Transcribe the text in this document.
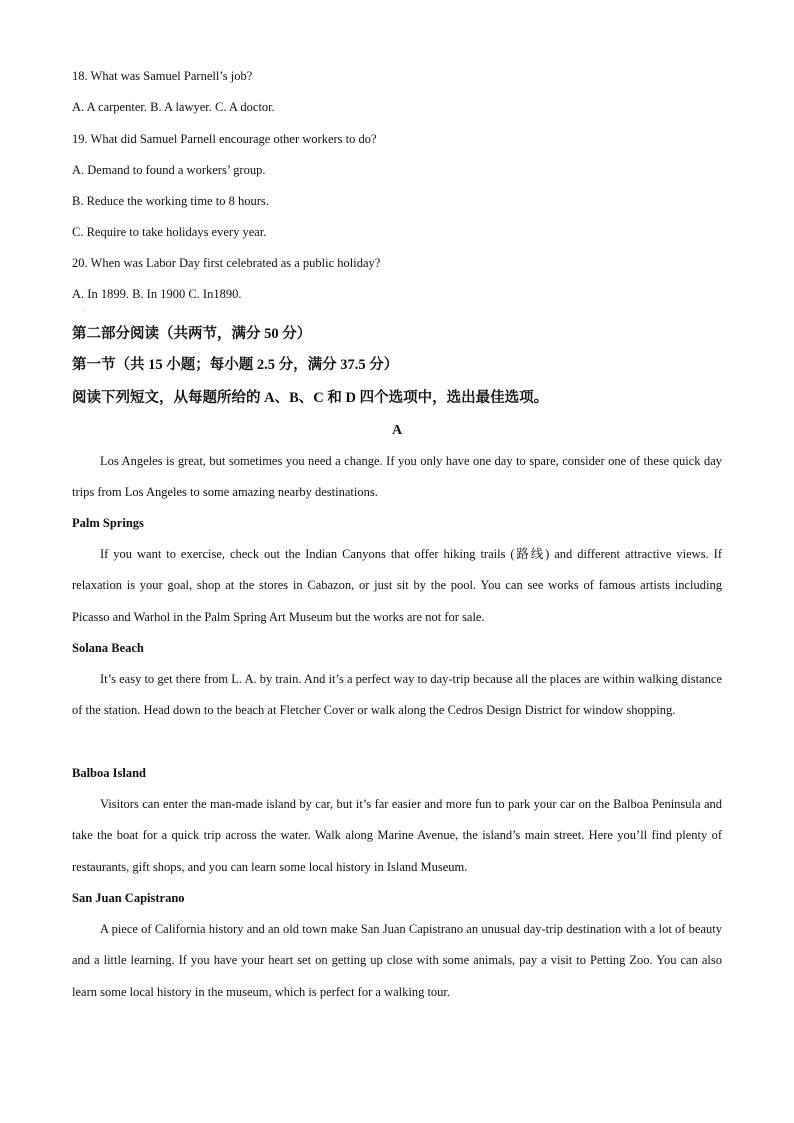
18. What was Samuel Parnell’s job?
A. A carpenter. B. A lawyer. C. A doctor.
19. What did Samuel Parnell encourage other workers to do?
A. Demand to found a workers’ group.
B. Reduce the working time to 8 hours.
C. Require to take holidays every year.
20. When was Labor Day first celebrated as a public holiday?
A. In 1899. B. In 1900 C. In1890.
·
第二部分阅读（共两节，满分 50 分）
第一节（共 15 小题；每小题 2.5 分，满分 37.5 分）
阅读下列短文，从每题所给的 A、B、C 和 D 四个选项中，选出最佳选项。
A

Los Angeles is great, but sometimes you need a change. If you only have one day to spare, consider one of these quick day trips from Los Angeles to some amazing nearby destinations.

Palm Springs

If you want to exercise, check out the Indian Canyons that offer hiking trails (路线) and different attractive views. If relaxation is your goal, shop at the stores in Cabazon, or just sit by the pool. You can see works of famous artists including Picasso and Warhol in the Palm Spring Art Museum but the works are not for sale.

Solana Beach

It’s easy to get there from L. A. by train. And it’s a perfect way to day-trip because all the places are within walking distance of the station. Head down to the beach at Fletcher Cover or walk along the Cedros Design District for window shopping.

Balboa Island

Visitors can enter the man-made island by car, but it’s far easier and more fun to park your car on the Balboa Peninsula and take the boat for a quick trip across the water. Walk along Marine Avenue, the island’s main street. Here you’ll find plenty of restaurants, gift shops, and you can learn some local history in Island Museum.

San Juan Capistrano

A piece of California history and an old town make San Juan Capistrano an unusual day-trip destination with a lot of beauty and a little learning. If you have your heart set on getting up close with some animals, pay a visit to Petting Zoo. You can also learn some local history in the museum, which is perfect for a walking tour.
